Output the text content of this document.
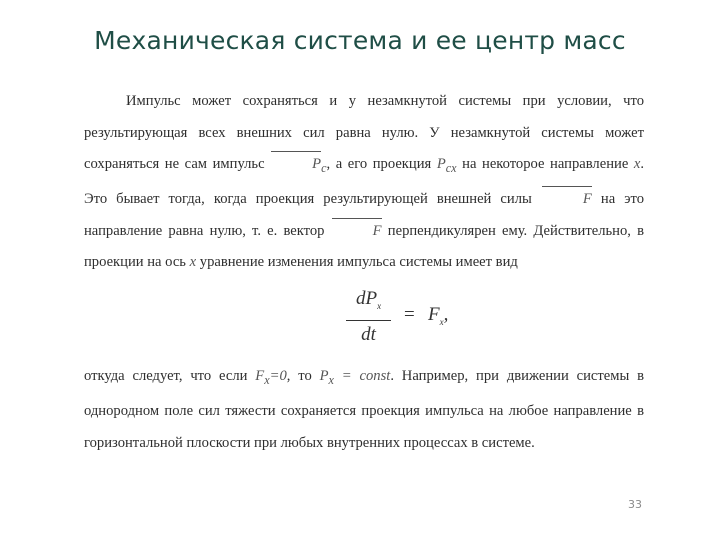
Механическая система и ее центр масс

Импульс может сохраняться и у незамкнутой системы при условии, что результирующая всех внешних сил равна нулю. У незамкнутой системы может сохраняться не сам импульс	$P_c$, а его проекция $P_{cx}$ на некоторое направление x. Это бывает тогда, когда проекция результирующей внешней силы	F на это направление равна нулю, т. е. вектор	F перпендикулярен ему. Действительно, в проекции на ось x уравнение изменения импульса системы имеет вид

$dP_x$
dt
= $F_x$,

откуда следует, что если $F_x=0$, то $P_x$ = const. Например, при движении системы в однородном поле сил тяжести сохраняется проекция импульса на любое направление в горизонтальной плоскости при любых внутренних процессах в системе.

33
